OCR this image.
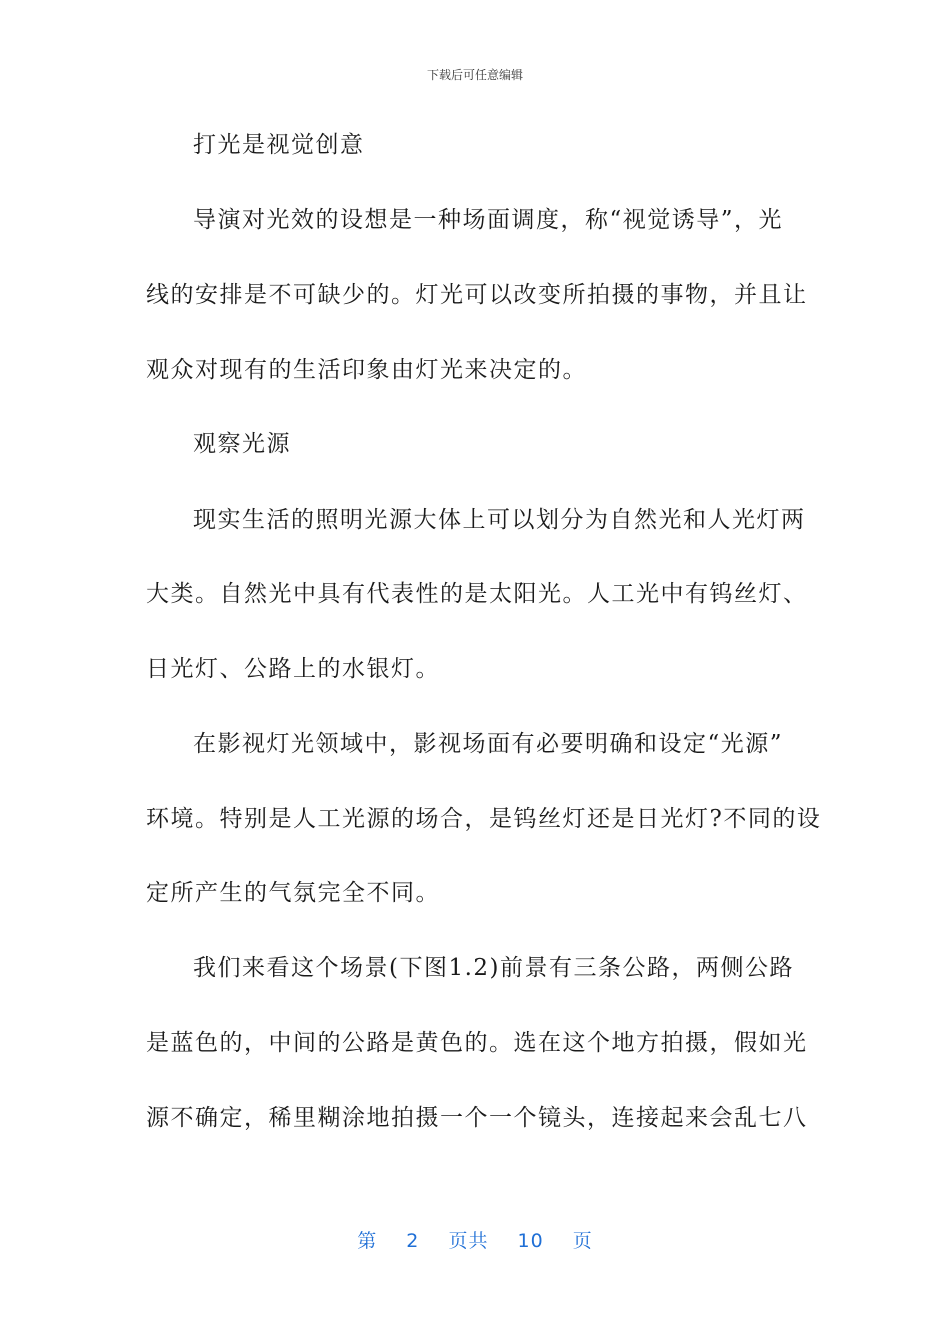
下载后可任意编辑
打光是视觉创意
导演对光效的设想是一种场面调度，称“视觉诱导”，光
线的安排是不可缺少的。灯光可以改变所拍摄的事物，并且让
观众对现有的生活印象由灯光来决定的。
观察光源
现实生活的照明光源大体上可以划分为自然光和人光灯两
大类。自然光中具有代表性的是太阳光。人工光中有钨丝灯、
日光灯、公路上的水银灯。
在影视灯光领域中，影视场面有必要明确和设定“光源”
环境。特别是人工光源的场合，是钨丝灯还是日光灯?不同的设
定所产生的气氛完全不同。
我们来看这个场景(下图1.2)前景有三条公路，两侧公路
是蓝色的，中间的公路是黄色的。选在这个地方拍摄，假如光
源不确定，稀里糊涂地拍摄一个一个镜头，连接起来会乱七八
第 2 页共 10 页
